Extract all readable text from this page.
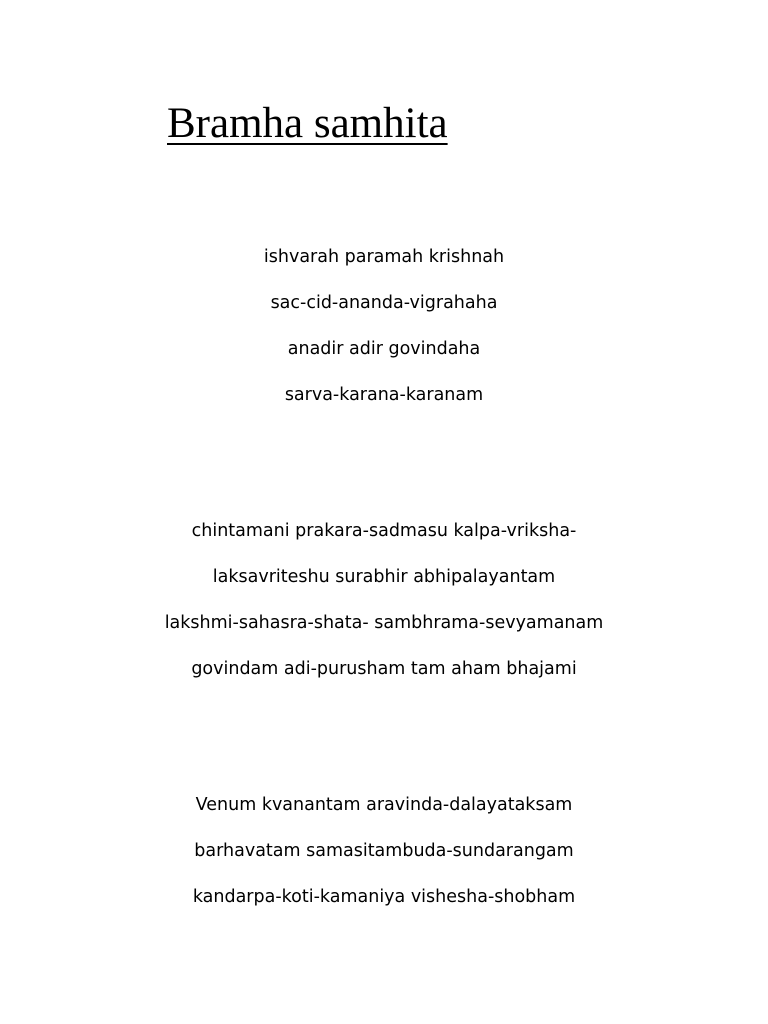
Bramha samhita
ishvarah paramah krishnah
sac-cid-ananda-vigrahaha
anadir adir govindaha
sarva-karana-karanam
chintamani prakara-sadmasu kalpa-vriksha-
laksavriteshu surabhir abhipalayantam
lakshmi-sahasra-shata- sambhrama-sevyamanam
govindam adi-purusham tam aham bhajami
Venum kvanantam aravinda-dalayataksam
barhavatam samasitambuda-sundarangam
kandarpa-koti-kamaniya vishesha-shobham
